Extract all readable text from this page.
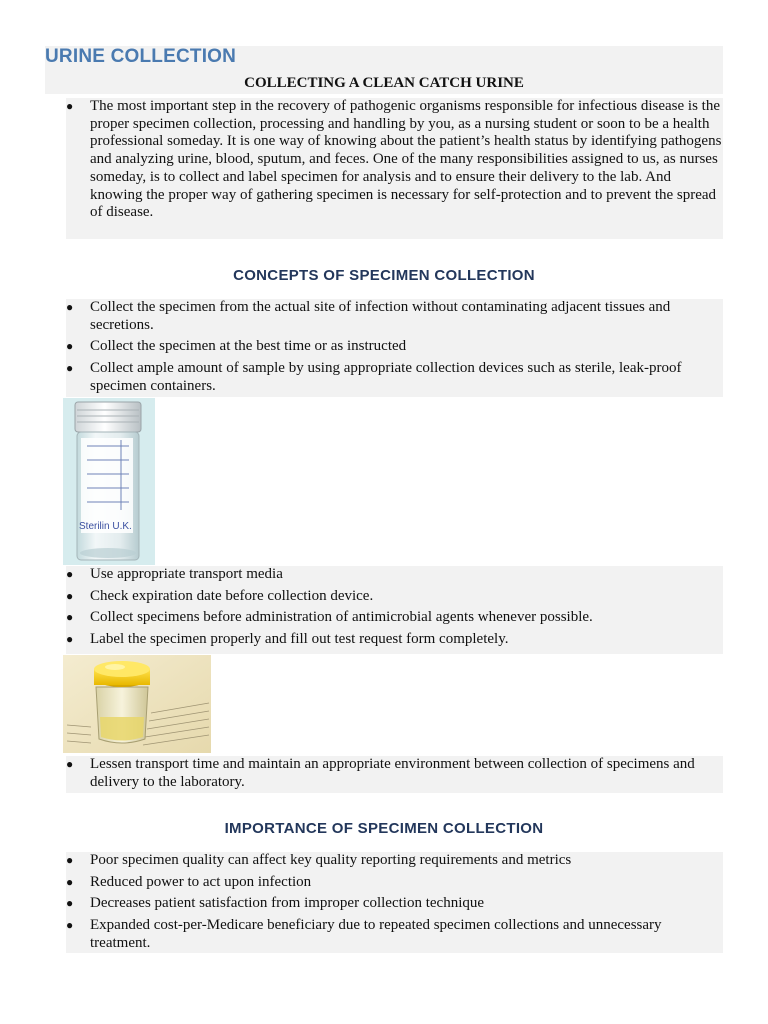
URINE COLLECTION
COLLECTING A CLEAN CATCH URINE
● The most important step in the recovery of pathogenic organisms responsible for infectious disease is the proper specimen collection, processing and handling by you, as a nursing student or soon to be a health professional someday. It is one way of knowing about the patient’s health status by identifying pathogens and analyzing urine, blood, sputum, and feces. One of the many responsibilities assigned to us, as nurses someday, is to collect and label specimen for analysis and to ensure their delivery to the lab. And knowing the proper way of gathering specimen is necessary for self-protection and to prevent the spread of disease.
CONCEPTS OF SPECIMEN COLLECTION
● Collect the specimen from the actual site of infection without contaminating adjacent tissues and secretions.
● Collect the specimen at the best time or as instructed
● Collect ample amount of sample by using appropriate collection devices such as sterile, leak-proof specimen containers.
Sterilin U.K.
● Use appropriate transport media
● Check expiration date before collection device.
● Collect specimens before administration of antimicrobial agents whenever possible.
● Label the specimen properly and fill out test request form completely.
● Lessen transport time and maintain an appropriate environment between collection of specimens and delivery to the laboratory.
IMPORTANCE OF SPECIMEN COLLECTION
● Poor specimen quality can affect key quality reporting requirements and metrics
● Reduced power to act upon infection
● Decreases patient satisfaction from improper collection technique
● Expanded cost-per-Medicare beneficiary due to repeated specimen collections and unnecessary treatment.
